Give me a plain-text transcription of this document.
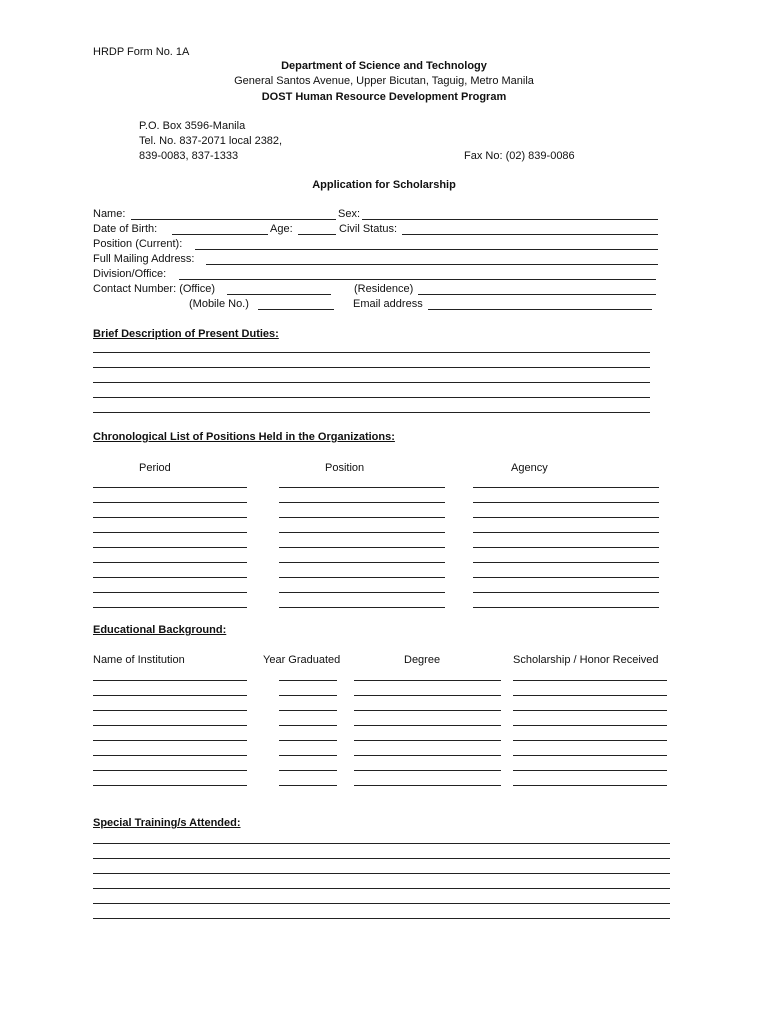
HRDP Form No. 1A
Department of Science and Technology
General Santos Avenue, Upper Bicutan, Taguig, Metro Manila
DOST Human Resource Development Program
P.O. Box 3596-Manila
Tel. No. 837-2071 local 2382,
839-0083, 837-1333	Fax No: (02) 839-0086
Application for Scholarship
Name:	Sex:
Date of Birth:	Age:	Civil Status:
Position (Current):
Full Mailing Address:
Division/Office:
Contact Number: (Office)	(Residence)
(Mobile No.)	Email address
Brief Description of Present Duties:
Chronological List of Positions Held in the Organizations:
Period	Position	Agency
Educational Background:
Name of Institution	Year Graduated	Degree	Scholarship / Honor Received
Special Training/s Attended:
